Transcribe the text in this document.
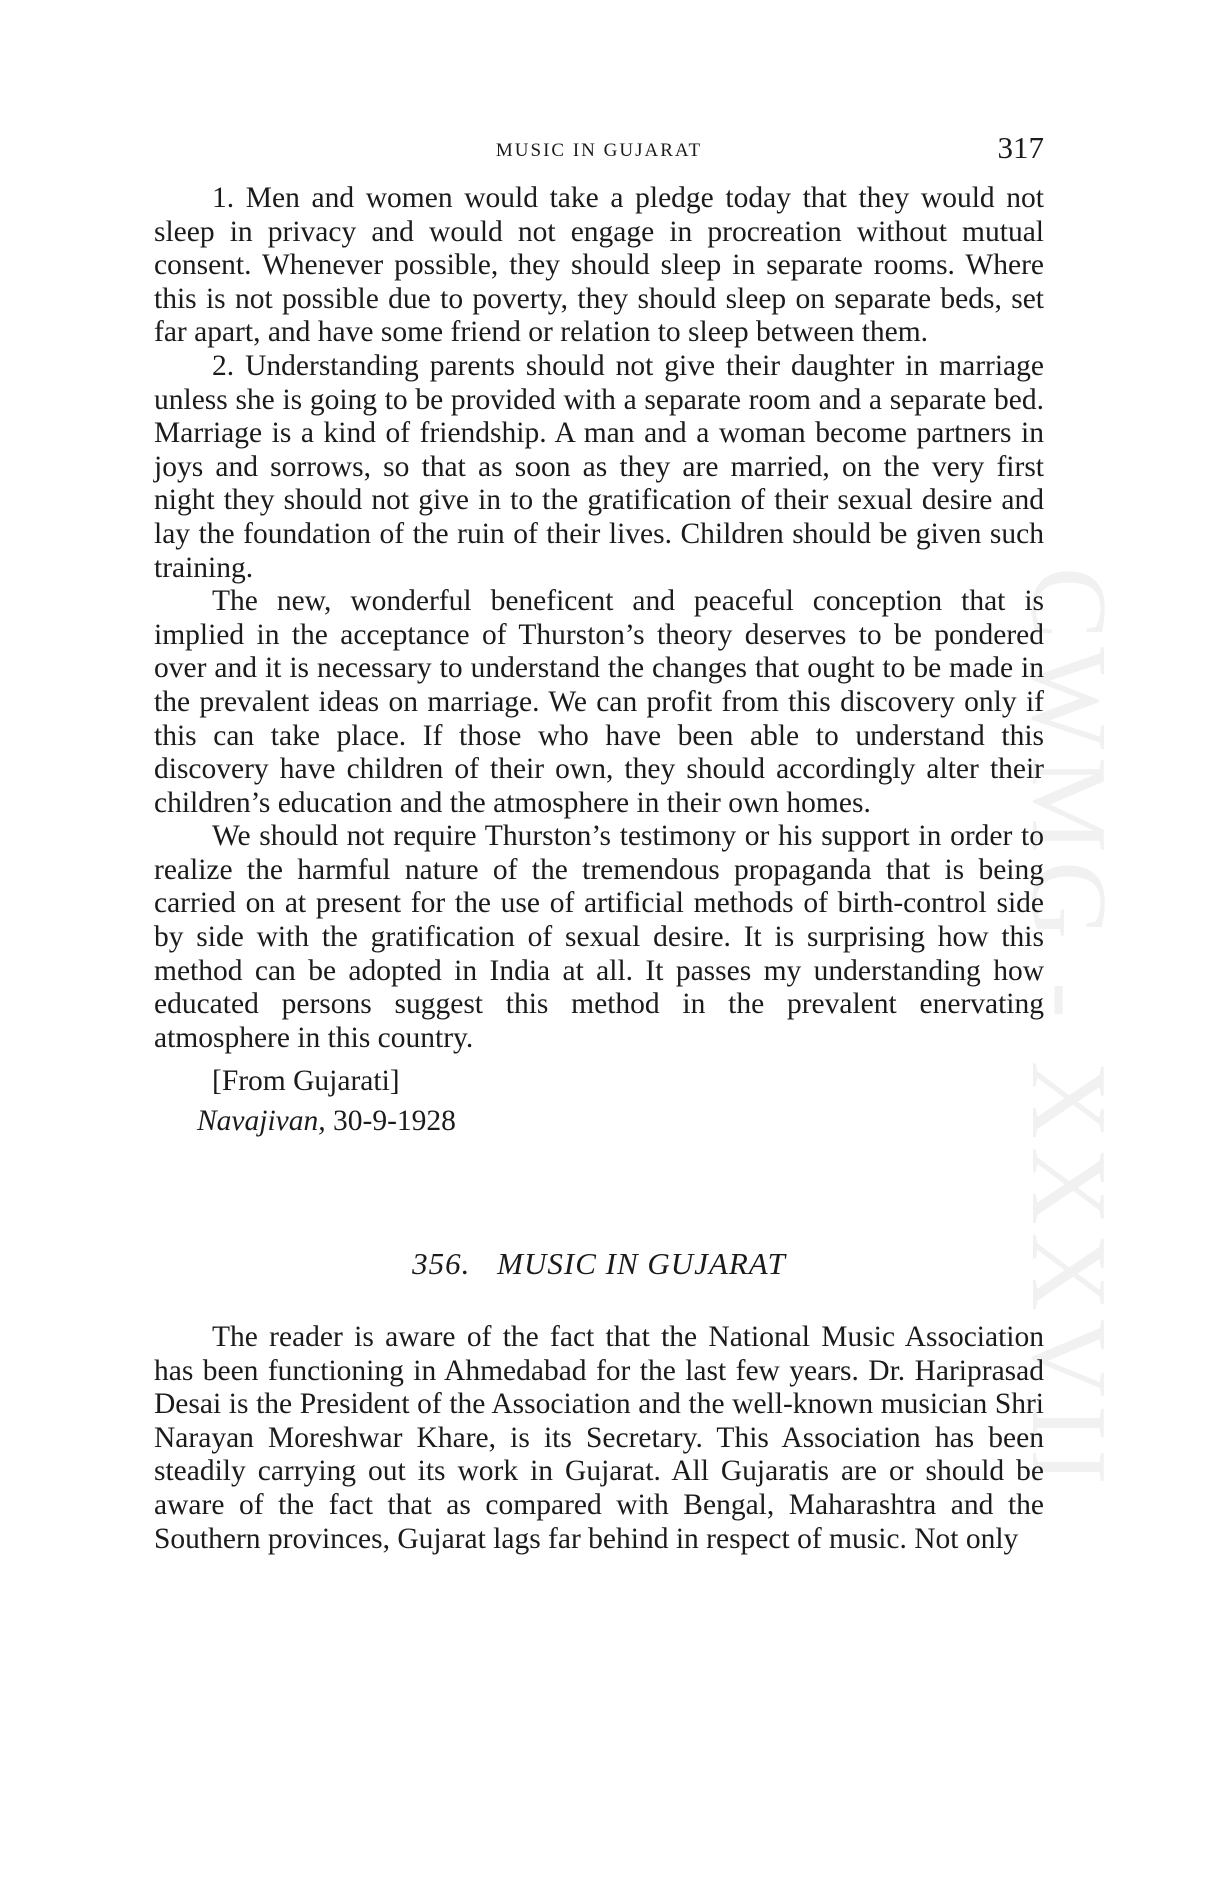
CWMG - XXXVII
MUSIC IN GUJARAT	317

1. Men and women would take a pledge today that they would not sleep in privacy and would not engage in procreation without mutual consent. Whenever possible, they should sleep in separate rooms. Where this is not possible due to poverty, they should sleep on separate beds, set far apart, and have some friend or relation to sleep between them.

2. Understanding parents should not give their daughter in marriage unless she is going to be provided with a separate room and a separate bed. Marriage is a kind of friendship. A man and a woman become partners in joys and sorrows, so that as soon as they are married, on the very first night they should not give in to the gratification of their sexual desire and lay the foundation of the ruin of their lives. Children should be given such training.

The new, wonderful beneficent and peaceful conception that is implied in the acceptance of Thurston’s theory deserves to be pondered over and it is necessary to understand the changes that ought to be made in the prevalent ideas on marriage. We can profit from this discovery only if this can take place. If those who have been able to understand this discovery have children of their own, they should accordingly alter their children’s education and the atmosphere in their own homes.

We should not require Thurston’s testimony or his support in order to realize the harmful nature of the tremendous propaganda that is being carried on at present for the use of artificial methods of birth-control side by side with the gratification of sexual desire. It is surprising how this method can be adopted in India at all. It passes my understanding how educated persons suggest this method in the prevalent enervating atmosphere in this country.

[From Gujarati]
Navajivan, 30-9-1928
356. MUSIC IN GUJARAT

The reader is aware of the fact that the National Music Association has been functioning in Ahmedabad for the last few years. Dr. Hariprasad Desai is the President of the Association and the well-known musician Shri Narayan Moreshwar Khare, is its Secretary. This Association has been steadily carrying out its work in Gujarat. All Gujaratis are or should be aware of the fact that as compared with Bengal, Maharashtra and the Southern provinces, Gujarat lags far behind in respect of music. Not only
